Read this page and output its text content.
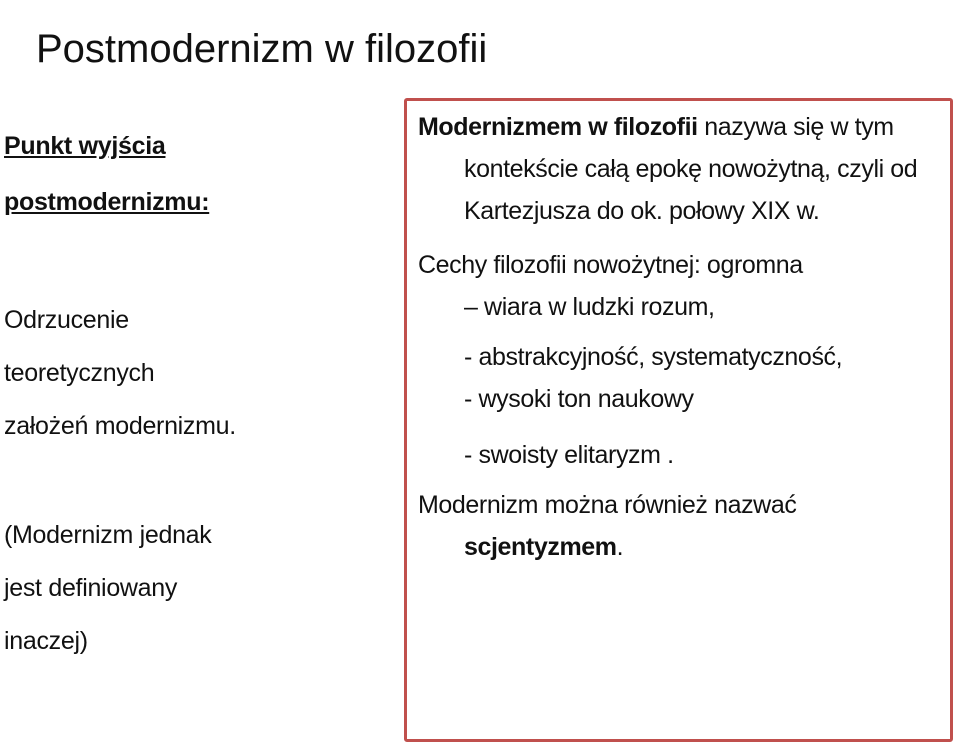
Postmodernizm w filozofii

Punkt wyjścia

postmodernizmu:

Odrzucenie

teoretycznych

założeń modernizmu.

(Modernizm jednak

jest definiowany

inaczej)

Modernizmem w filozofii nazywa się w tym kontekście całą epokę nowożytną, czyli od Kartezjusza do ok. połowy XIX w.

Cechy filozofii nowożytnej: ogromna

– wiara w ludzki rozum,

- abstrakcyjność, systematyczność,

- wysoki ton naukowy

- swoisty elitaryzm .

Modernizm można również nazwać scjentyzmem.
